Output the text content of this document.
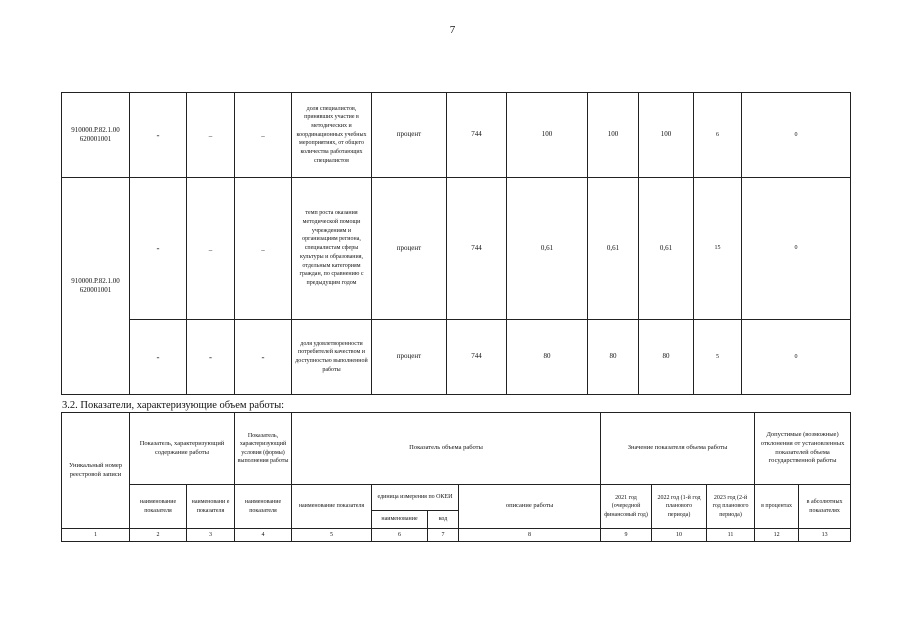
7
910000.Р.82.1.00 620001001	-	_	_	доля специалистов, принявших участие в методических и координационных учебных мероприятиях, от общего количества работающих специалистов	процент	744	100	100	100	6	0
910000.Р.82.1.00 620001001	-	_	_	темп роста оказания методической помощи учреждениям и организациям региона, специалистам сферы культуры и образования, отдельным категориям граждан, по сравнению с предыдущим годом	процент	744	0,61	0,61	0,61	15	0
	-	-	-	доля удовлетворенности потребителей качеством и доступностью выполненной работы	процент	744	80	80	80	5	0
3.2. Показатели, характеризующие объем работы:
Уникальный номер реестровой записи	Показатель, характеризующий содержание работы		Показатель, характеризующий условия (формы) выполнения работы	Показатель объема работы				Значение показателя объема работы			Допустимые (возможные) отклонения от установленных показателей объема государственной работы	
	наименование показателя	наименовани е показателя	наименование показателя	наименование показателя	единица измерения по ОКЕИ		описание работы	2021 год (очередной финансовый год)	2022 год (1-й год планового периода)	2023 год (2-й год планового периода)	в процентах	в абсолютных показателях
					наименование	код						
1	2	3	4	5	6	7	8	9	10	11	12	13
